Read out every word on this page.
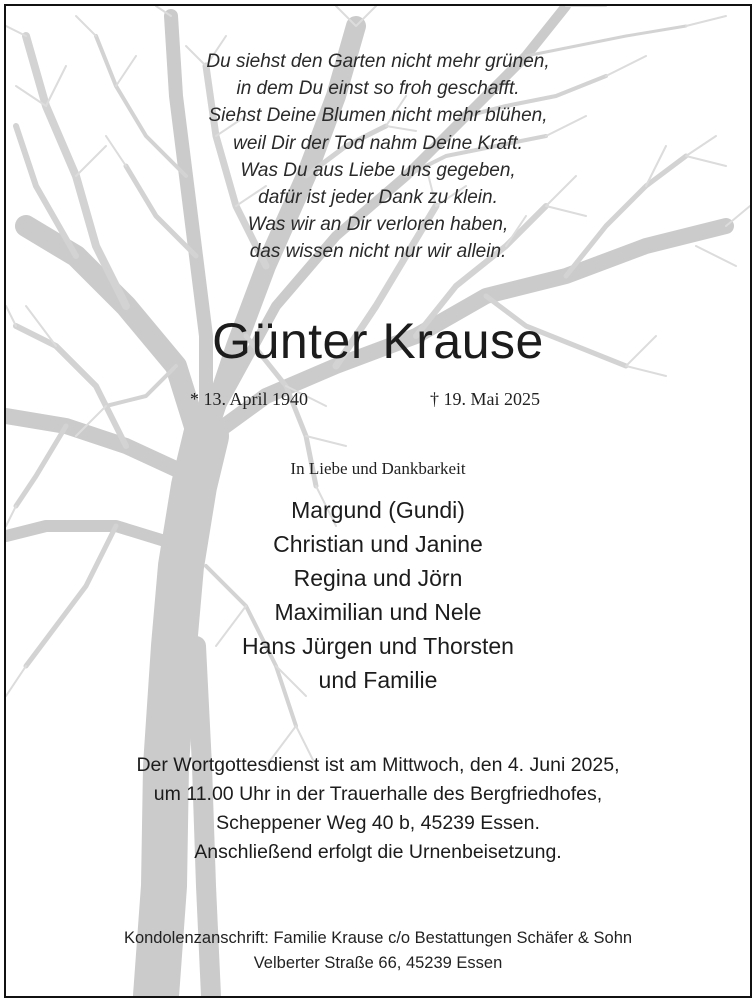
Du siehst den Garten nicht mehr grünen,
in dem Du einst so froh geschafft.
Siehst Deine Blumen nicht mehr blühen,
weil Dir der Tod nahm Deine Kraft.
Was Du aus Liebe uns gegeben,
dafür ist jeder Dank zu klein.
Was wir an Dir verloren haben,
das wissen nicht nur wir allein.
Günter Krause
* 13. April 1940	† 19. Mai 2025
In Liebe und Dankbarkeit
Margund (Gundi)
Christian und Janine
Regina und Jörn
Maximilian und Nele
Hans Jürgen und Thorsten
und Familie
Der Wortgottesdienst ist am Mittwoch, den 4. Juni 2025,
um 11.00 Uhr in der Trauerhalle des Bergfriedhofes,
Scheppener Weg 40 b, 45239 Essen.
Anschließend erfolgt die Urnenbeisetzung.
Kondolenzanschrift: Familie Krause c/o Bestattungen Schäfer & Sohn
Velberter Straße 66, 45239 Essen
